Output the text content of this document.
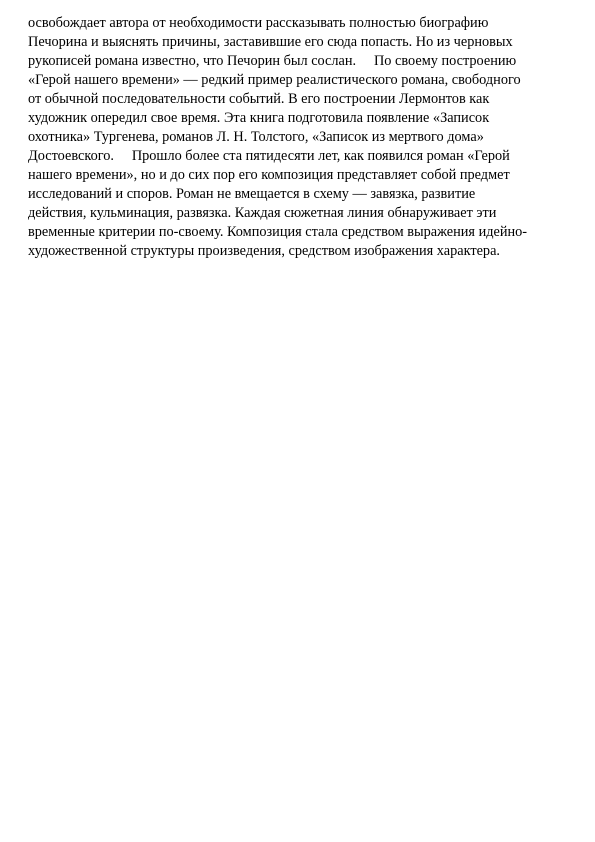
освобождает автора от необходимости рассказывать полностью биографию
Печорина и выяснять причины, заставившие его сюда попасть. Но из черновых
рукописей романа известно, что Печорин был сослан.     По своему построению
«Герой нашего времени» — редкий пример реалистического романа, свободного
от обычной последовательности событий. В его построении Лермонтов как
художник опередил свое время. Эта книга подготовила появление «Записок
охотника» Тургенева, романов Л. Н. Толстого, «Записок из мертвого дома»
Достоевского.     Прошло более ста пятидесяти лет, как появился роман «Герой
нашего времени», но и до сих пор его композиция представляет собой предмет
исследований и споров. Роман не вмещается в схему — завязка, развитие
действия, кульминация, развязка. Каждая сюжетная линия обнаруживает эти
временные критерии по-своему. Композиция стала средством выражения идейно-
художественной структуры произведения, средством изображения характера.
